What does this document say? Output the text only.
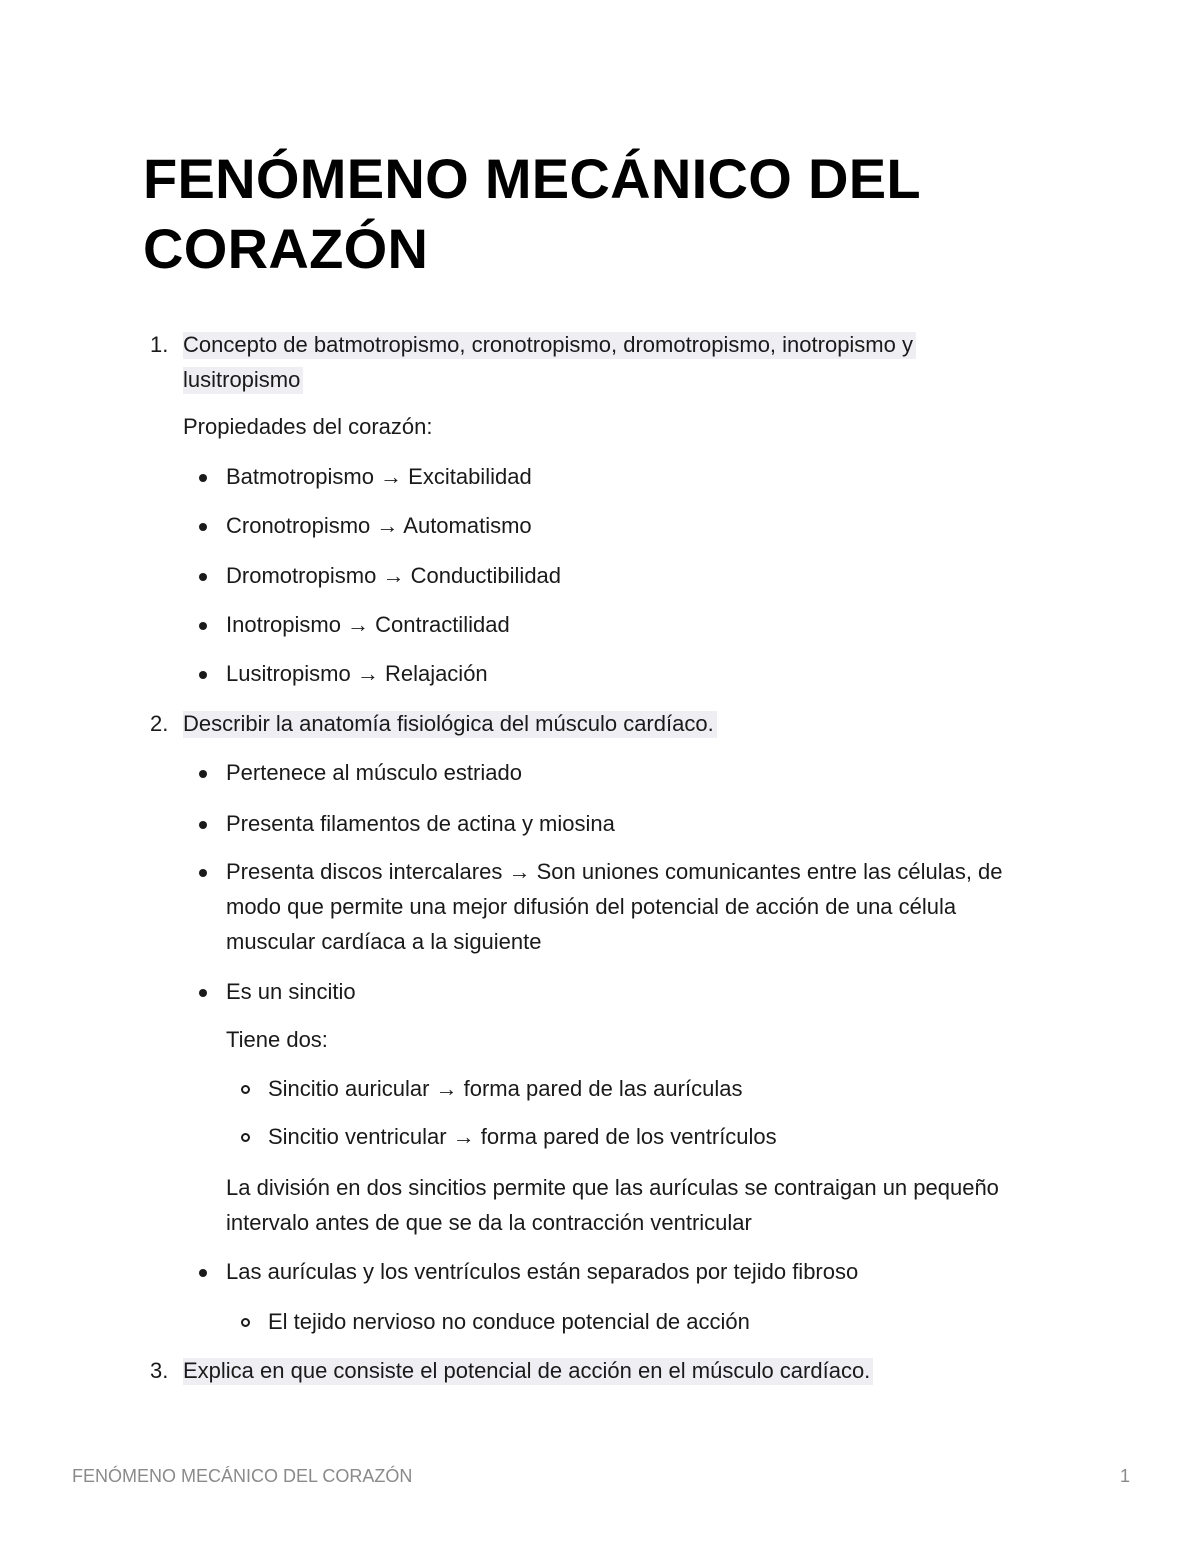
FENÓMENO MECÁNICO DEL CORAZÓN
1. Concepto de batmotropismo, cronotropismo, dromotropismo, inotropismo y
lusitropismo
Propiedades del corazón:
Batmotropismo → Excitabilidad
Cronotropismo → Automatismo
Dromotropismo → Conductibilidad
Inotropismo → Contractilidad
Lusitropismo → Relajación
2. Describir la anatomía fisiológica del músculo cardíaco.
Pertenece al músculo estriado
Presenta filamentos de actina y miosina
Presenta discos intercalares → Son uniones comunicantes entre las células, de
modo que permite una mejor difusión del potencial de acción de una célula
muscular cardíaca a la siguiente
Es un sincitio
Tiene dos:
Sincitio auricular → forma pared de las aurículas
Sincitio ventricular → forma pared de los ventrículos
La división en dos sincitios permite que las aurículas se contraigan un pequeño
intervalo antes de que se da la contracción ventricular
Las aurículas y los ventrículos están separados por tejido fibroso
El tejido nervioso no conduce potencial de acción
3. Explica en que consiste el potencial de acción en el músculo cardíaco.
FENÓMENO MECÁNICO DEL CORAZÓN	1
